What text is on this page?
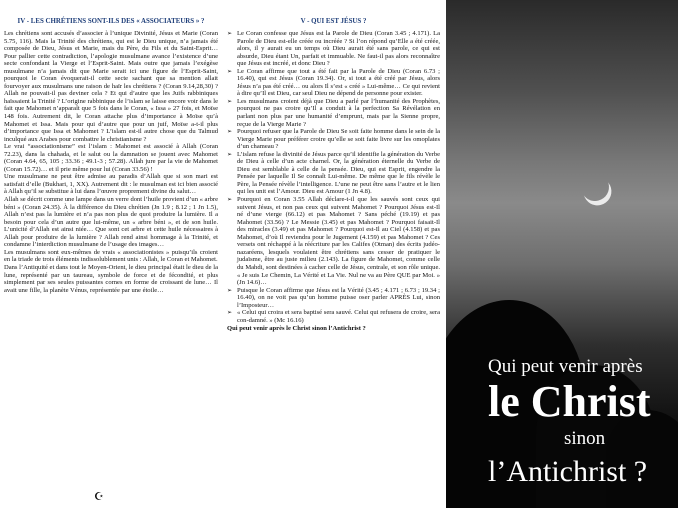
IV - LES CHRÉTIENS SONT-ILS DES « ASSOCIATEURS » ?

Les chrétiens sont accusés d’associer à l’unique Divinité, Jésus et Marie (Coran 5.75, 116). Mais la Trinité des chrétiens, qui est le Dieu unique, n’a jamais été composée de Dieu, Jésus et Marie, mais du Père, du Fils et du Saint-Esprit… Pour pallier cette contradiction, l’apologie musulmane avance l’existence d’une secte confondant la Vierge et l’Esprit-Saint. Mais outre que jamais l’exégèse musulmane n’a jamais dit que Marie serait ici une figure de l’Esprit-Saint, pourquoi le Coran évoquerait-il cette secte sachant que sa mention allait fourvoyer aux musulmans une raison de haïr les chrétiens ? (Coran 9.14,28,30) ? Allah ne pouvait-il pas deviner cela ? Et qui d’autre que les Juifs rabbiniques haïssaient la Trinité ? L’origine rabbinique de l’islam se laisse encore voir dans le fait que Mahomet n’apparaît que 5 fois dans le Coran, « Issa » 27 fois, et Moïse 148 fois. Autrement dit, le Coran attache plus d’importance à Moïse qu’à Mahomet et Issa. Mais pour qui d’autre que pour un juif, Moïse a-t-il plus d’importance que Issa et Mahomet ? L’islam est-il autre chose que du Talmud inculqué aux Arabes pour combattre le christianisme ?

Le vrai “associationisme” est l’islam : Mahomet est associé à Allah (Coran 72.23), dans la chahada, et le salut ou la damnation se jouent avec Mahomet (Coran 4.64, 65, 105 ; 33.36 ; 49.1-3 ; 57.28). Allah jure par la vie de Mahomet (Coran 15.72)… et il prie même pour lui (Coran 33.56) !

Une musulmane ne peut être admise au paradis d’Allah que si son mari est satisfait d’elle (Bukhari, 1, XX). Autrement dit : le musulman est ici bien associé à Allah qu’il se substitue à lui dans l’œuvre proprement divine du salut…

Allah se décrit comme une lampe dans un verre dont l’huile provient d’un « arbre béni » (Coran 24.35). À la différence du Dieu chrétien (Jn 1.9 ; 8.12 ; 1 Jn 1.5), Allah n’est pas la lumière et n’a pas non plus de quoi produire la lumière. Il a besoin pour cela d’un autre que lui-même, un « arbre béni », et de son huile. L’unicité d’Allah est ainsi niée… Que sont cet arbre et cette huile nécessaires à Allah pour produire de la lumière ? Allah rend ainsi hommage à la Trinité, et condamne l’interdiction musulmane de l’usage des images…

Les musulmans sont eux-mêmes de vrais « associationistes » puisqu’ils croient en la triade de trois éléments indissolublement unis : Allah, le Coran et Mahomet.

Dans l’Antiquité et dans tout le Moyen-Orient, le dieu principal était le dieu de la lune, représenté par un taureau, symbole de force et de fécondité, et plus simplement par ses seules puissantes cornes en forme de croissant de lune… Il avait une fille, la planète Vénus, représentée par une étoile…

☪
V - QUI EST JÉSUS ?
➢ Le Coran confesse que Jésus est la Parole de Dieu (Coran 3.45 ; 4.171). La Parole de Dieu est-elle créée ou incréée ? Si l’on répond qu’Elle a été créée, alors, il y aurait eu un temps où Dieu aurait été sans parole, ce qui est absurde, Dieu étant Un, parfait et immuable. Ne faut-il pas alors reconnaître que Jésus est incréé, et donc Dieu ?
➢ Le Coran affirme que tout a été fait par la Parole de Dieu (Coran 6.73 ; 16.40), qui est Jésus (Coran 19.34). Or, si tout a été créé par Jésus, alors Jésus n’a pas été créé… ou alors Il s’est « créé » Lui-même… Ce qui revient à dire qu’Il est Dieu, car seul Dieu ne dépend de personne pour exister.
➢ Les musulmans croient déjà que Dieu a parlé par l’humanité des Prophètes, pourquoi ne pas croire qu’Il a conduit à la perfection Sa Révélation en parlant non plus par une humanité d’emprunt, mais par la Sienne propre, reçue de la Vierge Marie ?
➢ Pourquoi refuser que la Parole de Dieu Se soit faite homme dans le sein de la Vierge Marie pour préférer croire qu’elle se soit faite livre sur les omoplates d’un chameau ?
➢ L’islam refuse la divinité de Jésus parce qu’il identifie la génération du Verbe de Dieu à celle d’un acte charnel. Or, la génération éternelle du Verbe de Dieu est semblable à celle de la pensée. Dieu, qui est Esprit, engendre la Pensée par laquelle Il Se connaît Lui-même. De même que le fils révèle le Père, la Pensée révèle l’intelligence. L’une ne peut être sans l’autre et le lien qui les unit est l’Amour. Dieu est Amour (1 Jn 4.8).
➢ Pourquoi en Coran 3.55 Allah déclare-t-il que les sauvés sont ceux qui suivent Jésus, et non pas ceux qui suivent Mahomet ? Pourquoi Jésus est-Il né d’une vierge (66.12) et pas Mahomet ? Sans péché (19.19) et pas Mahomet (33.56) ? Le Messie (3.45) et pas Mahomet ? Pourquoi faisait-Il des miracles (3.49) et pas Mahomet ? Pourquoi est-Il au Ciel (4.158) et pas Mahomet, d’où Il reviendra pour le Jugement (4.159) et pas Mahomet ? Ces versets ont réchappé à la réécriture par les Califes (Otman) des écrits judéo-nazaréens, lesquels voulaient être chrétiens sans cesser de pratiquer le judaïsme, être au juste milieu (2.143). La figure de Mahomet, comme celle du Mahdi, sont destinées à cacher celle de Jésus, centrale, et son rôle unique. « Je suis Le Chemin, La Vérité et La Vie. Nul ne va au Père QUE par Moi. » (Jn 14.6)…
➢ Puisque le Coran affirme que Jésus est la Vérité (3.45 ; 4.171 ; 6.73 ; 19.34 ; 16.40), on ne voit pas qu’un homme puisse oser parler APRÈS Lui, sinon l’Imposteur…
➢ « Celui qui croira et sera baptisé sera sauvé. Celui qui refusera de croire, sera con-damné. » (Mc 16.16)

Qui peut venir après le Christ sinon l’Antichrist ?

Qui peut venir après
le Christ
sinon
l’Antichrist ?
